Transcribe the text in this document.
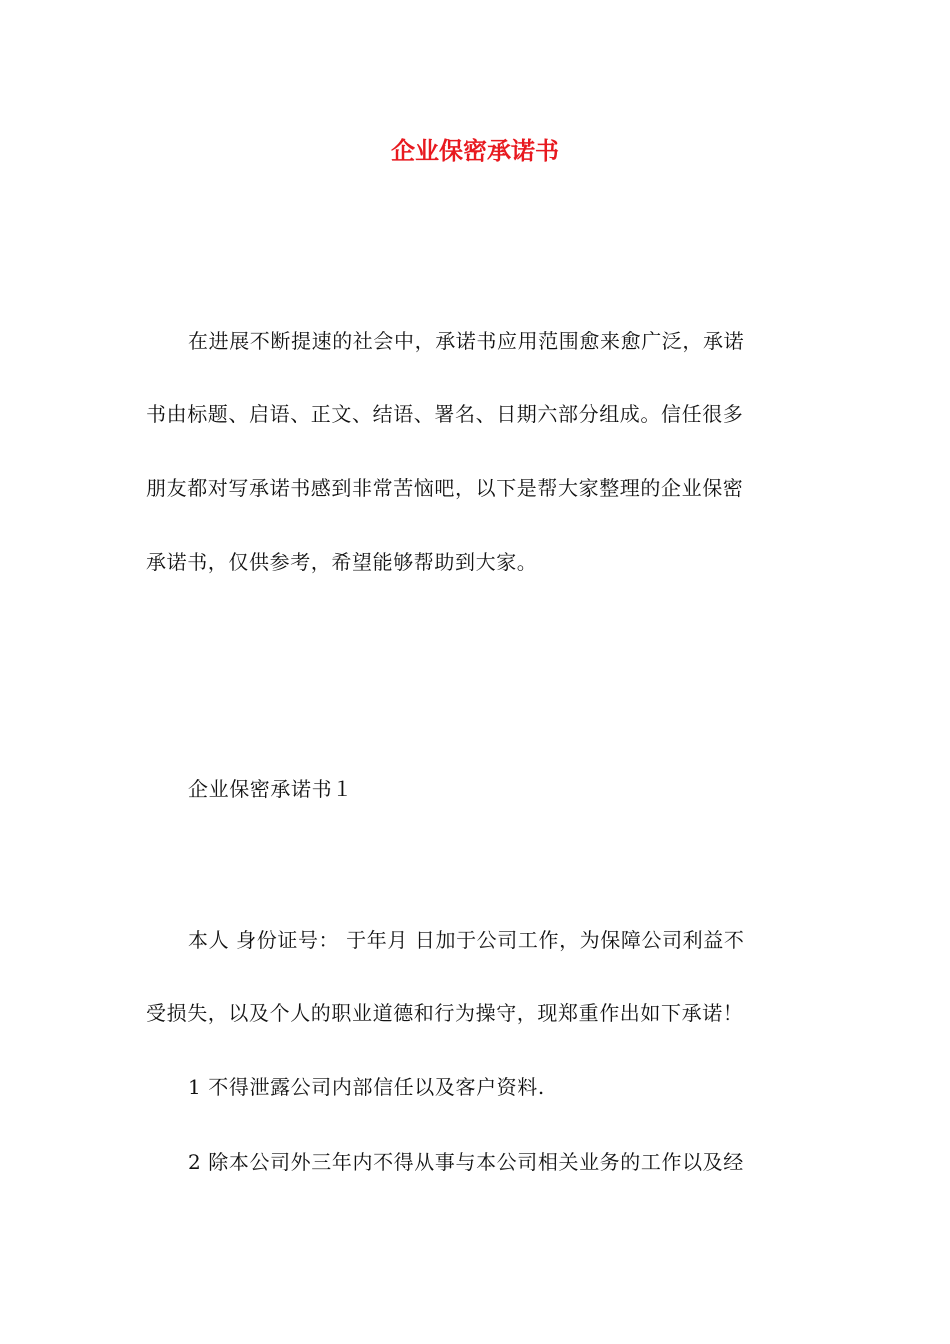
企业保密承诺书
在进展不断提速的社会中，承诺书应用范围愈来愈广泛，承诺
书由标题、启语、正文、结语、署名、日期六部分组成。信任很多
朋友都对写承诺书感到非常苦恼吧，以下是帮大家整理的企业保密
承诺书，仅供参考，希望能够帮助到大家。
企业保密承诺书１
本人 身份证号： 于年月 日加于公司工作，为保障公司利益不
受损失，以及个人的职业道德和行为操守，现郑重作出如下承诺！
1 不得泄露公司内部信任以及客户资料.
2 除本公司外三年内不得从事与本公司相关业务的工作以及经
